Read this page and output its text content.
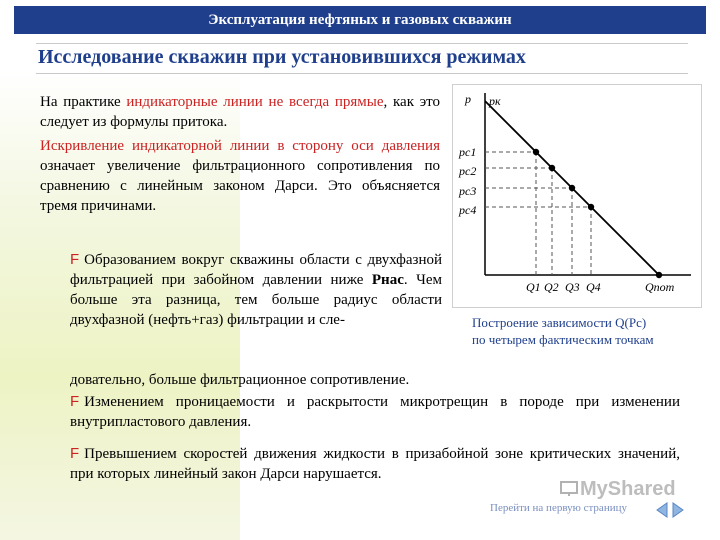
Эксплуатация нефтяных и газовых скважин
Исследование скважин при установившихся режимах
На практике индикаторные линии не всегда прямые, как это следует из формулы притока.
Искривление индикаторной линии в сторону оси давления означает увеличение фильтрационного сопротивления по сравнению с линейным законом Дарси. Это объясняется тремя причинами.
F Образованием вокруг скважины области с двухфазной фильтрацией при забойном давлении ниже Рнас. Чем больше эта разница, тем больше радиус области двухфазной (нефть+газ) фильтрации и сле-
довательно, больше фильтрационное сопротивление.
F Изменением проницаемости и раскрытости микротрещин в породе при изменении внутрипластового давления.
F Превышением скоростей движения жидкости в призабойной зоне критических значений, при которых линейный закон Дарси нарушается.
p pк
pc1
pc2
pc3
pc4
Q1 Q2 Q3 Q4	Qпот
Построение зависимости Q(Pc)
по четырем фактическим точкам
MyShared
Перейти на первую страницу
